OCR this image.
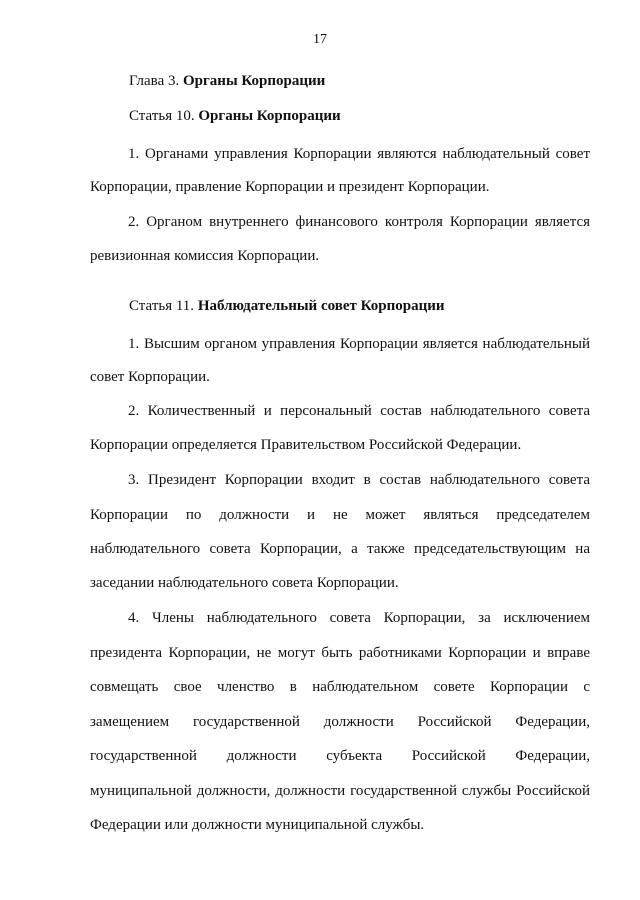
17
Глава 3. Органы Корпорации
Статья 10. Органы Корпорации
1. Органами управления Корпорации являются наблюдательный совет
Корпорации, правление Корпорации и президент Корпорации.
2. Органом внутреннего финансового контроля Корпорации является
ревизионная комиссия Корпорации.
Статья 11. Наблюдательный совет Корпорации
1. Высшим органом управления Корпорации является наблюдательный
совет Корпорации.
2. Количественный и персональный состав наблюдательного совета
Корпорации определяется Правительством Российской Федерации.
3. Президент Корпорации входит в состав наблюдательного совета
Корпорации по должности и не может являться председателем
наблюдательного совета Корпорации, а также председательствующим на
заседании наблюдательного совета Корпорации.
4. Члены наблюдательного совета Корпорации, за исключением
президента Корпорации, не могут быть работниками Корпорации и вправе
совмещать свое членство в наблюдательном совете Корпорации с
замещением государственной должности Российской Федерации,
государственной должности субъекта Российской Федерации,
муниципальной должности, должности государственной службы Российской
Федерации или должности муниципальной службы.
